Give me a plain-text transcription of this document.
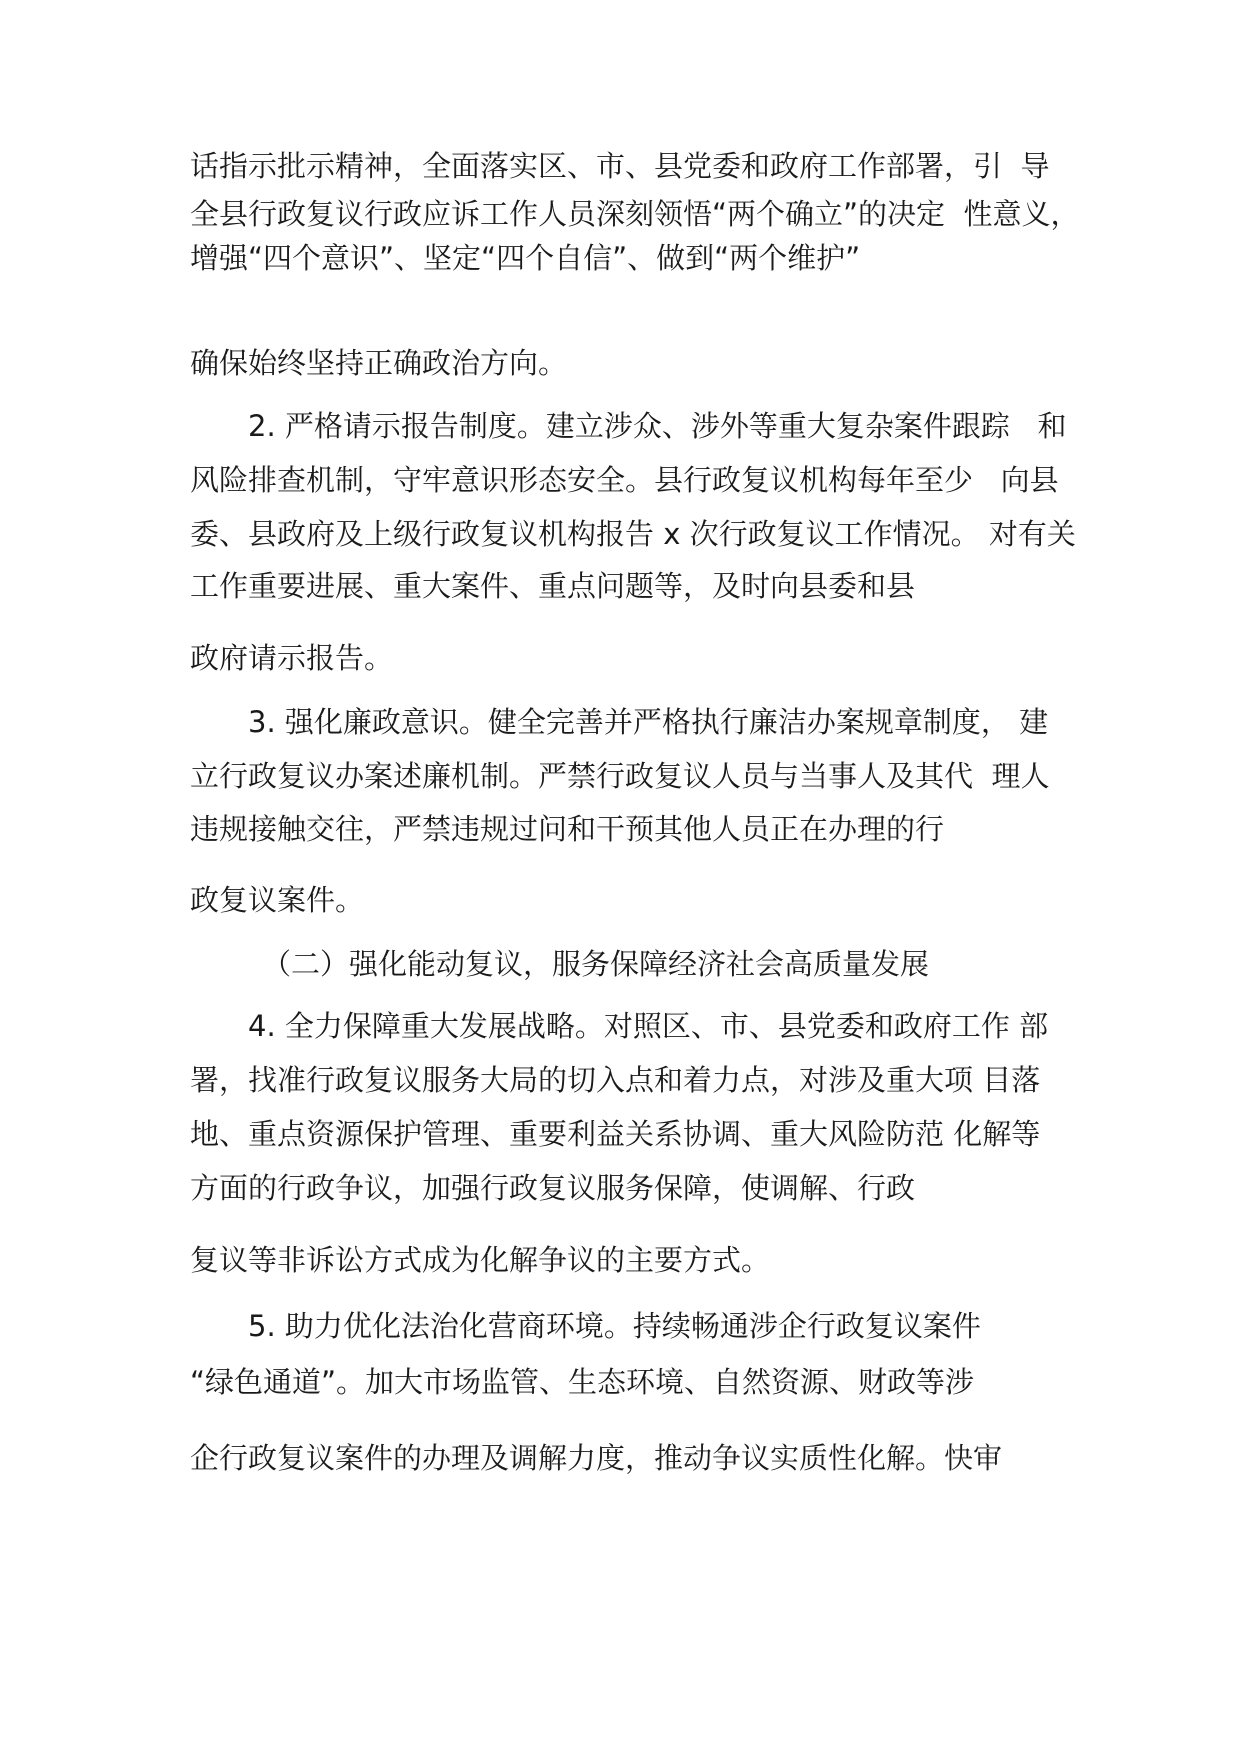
话指示批示精神，全面落实区、市、县党委和政府工作部署，引  导

全县行政复议行政应诉工作人员深刻领悟“两个确立”的决定  性意义，

增强“四个意识”、坚定“四个自信”、做到“两个维护”

确保始终坚持正确政治方向。

2. 严格请示报告制度。建立涉众、涉外等重大复杂案件跟踪   和

风险排查机制，守牢意识形态安全。县行政复议机构每年至少   向县

委、县政府及上级行政复议机构报告 x 次行政复议工作情况。 对有关

工作重要进展、重大案件、重点问题等，及时向县委和县

政府请示报告。

3. 强化廉政意识。健全完善并严格执行廉洁办案规章制度， 建

立行政复议办案述廉机制。严禁行政复议人员与当事人及其代  理人

违规接触交往，严禁违规过问和干预其他人员正在办理的行

政复议案件。

（二）强化能动复议，服务保障经济社会高质量发展

4. 全力保障重大发展战略。对照区、市、县党委和政府工作 部

署，找准行政复议服务大局的切入点和着力点，对涉及重大项 目落

地、重点资源保护管理、重要利益关系协调、重大风险防范 化解等

方面的行政争议，加强行政复议服务保障，使调解、行政

复议等非诉讼方式成为化解争议的主要方式。

5. 助力优化法治化营商环境。持续畅通涉企行政复议案件

“绿色通道”。加大市场监管、生态环境、自然资源、财政等涉

企行政复议案件的办理及调解力度，推动争议实质性化解。快审
